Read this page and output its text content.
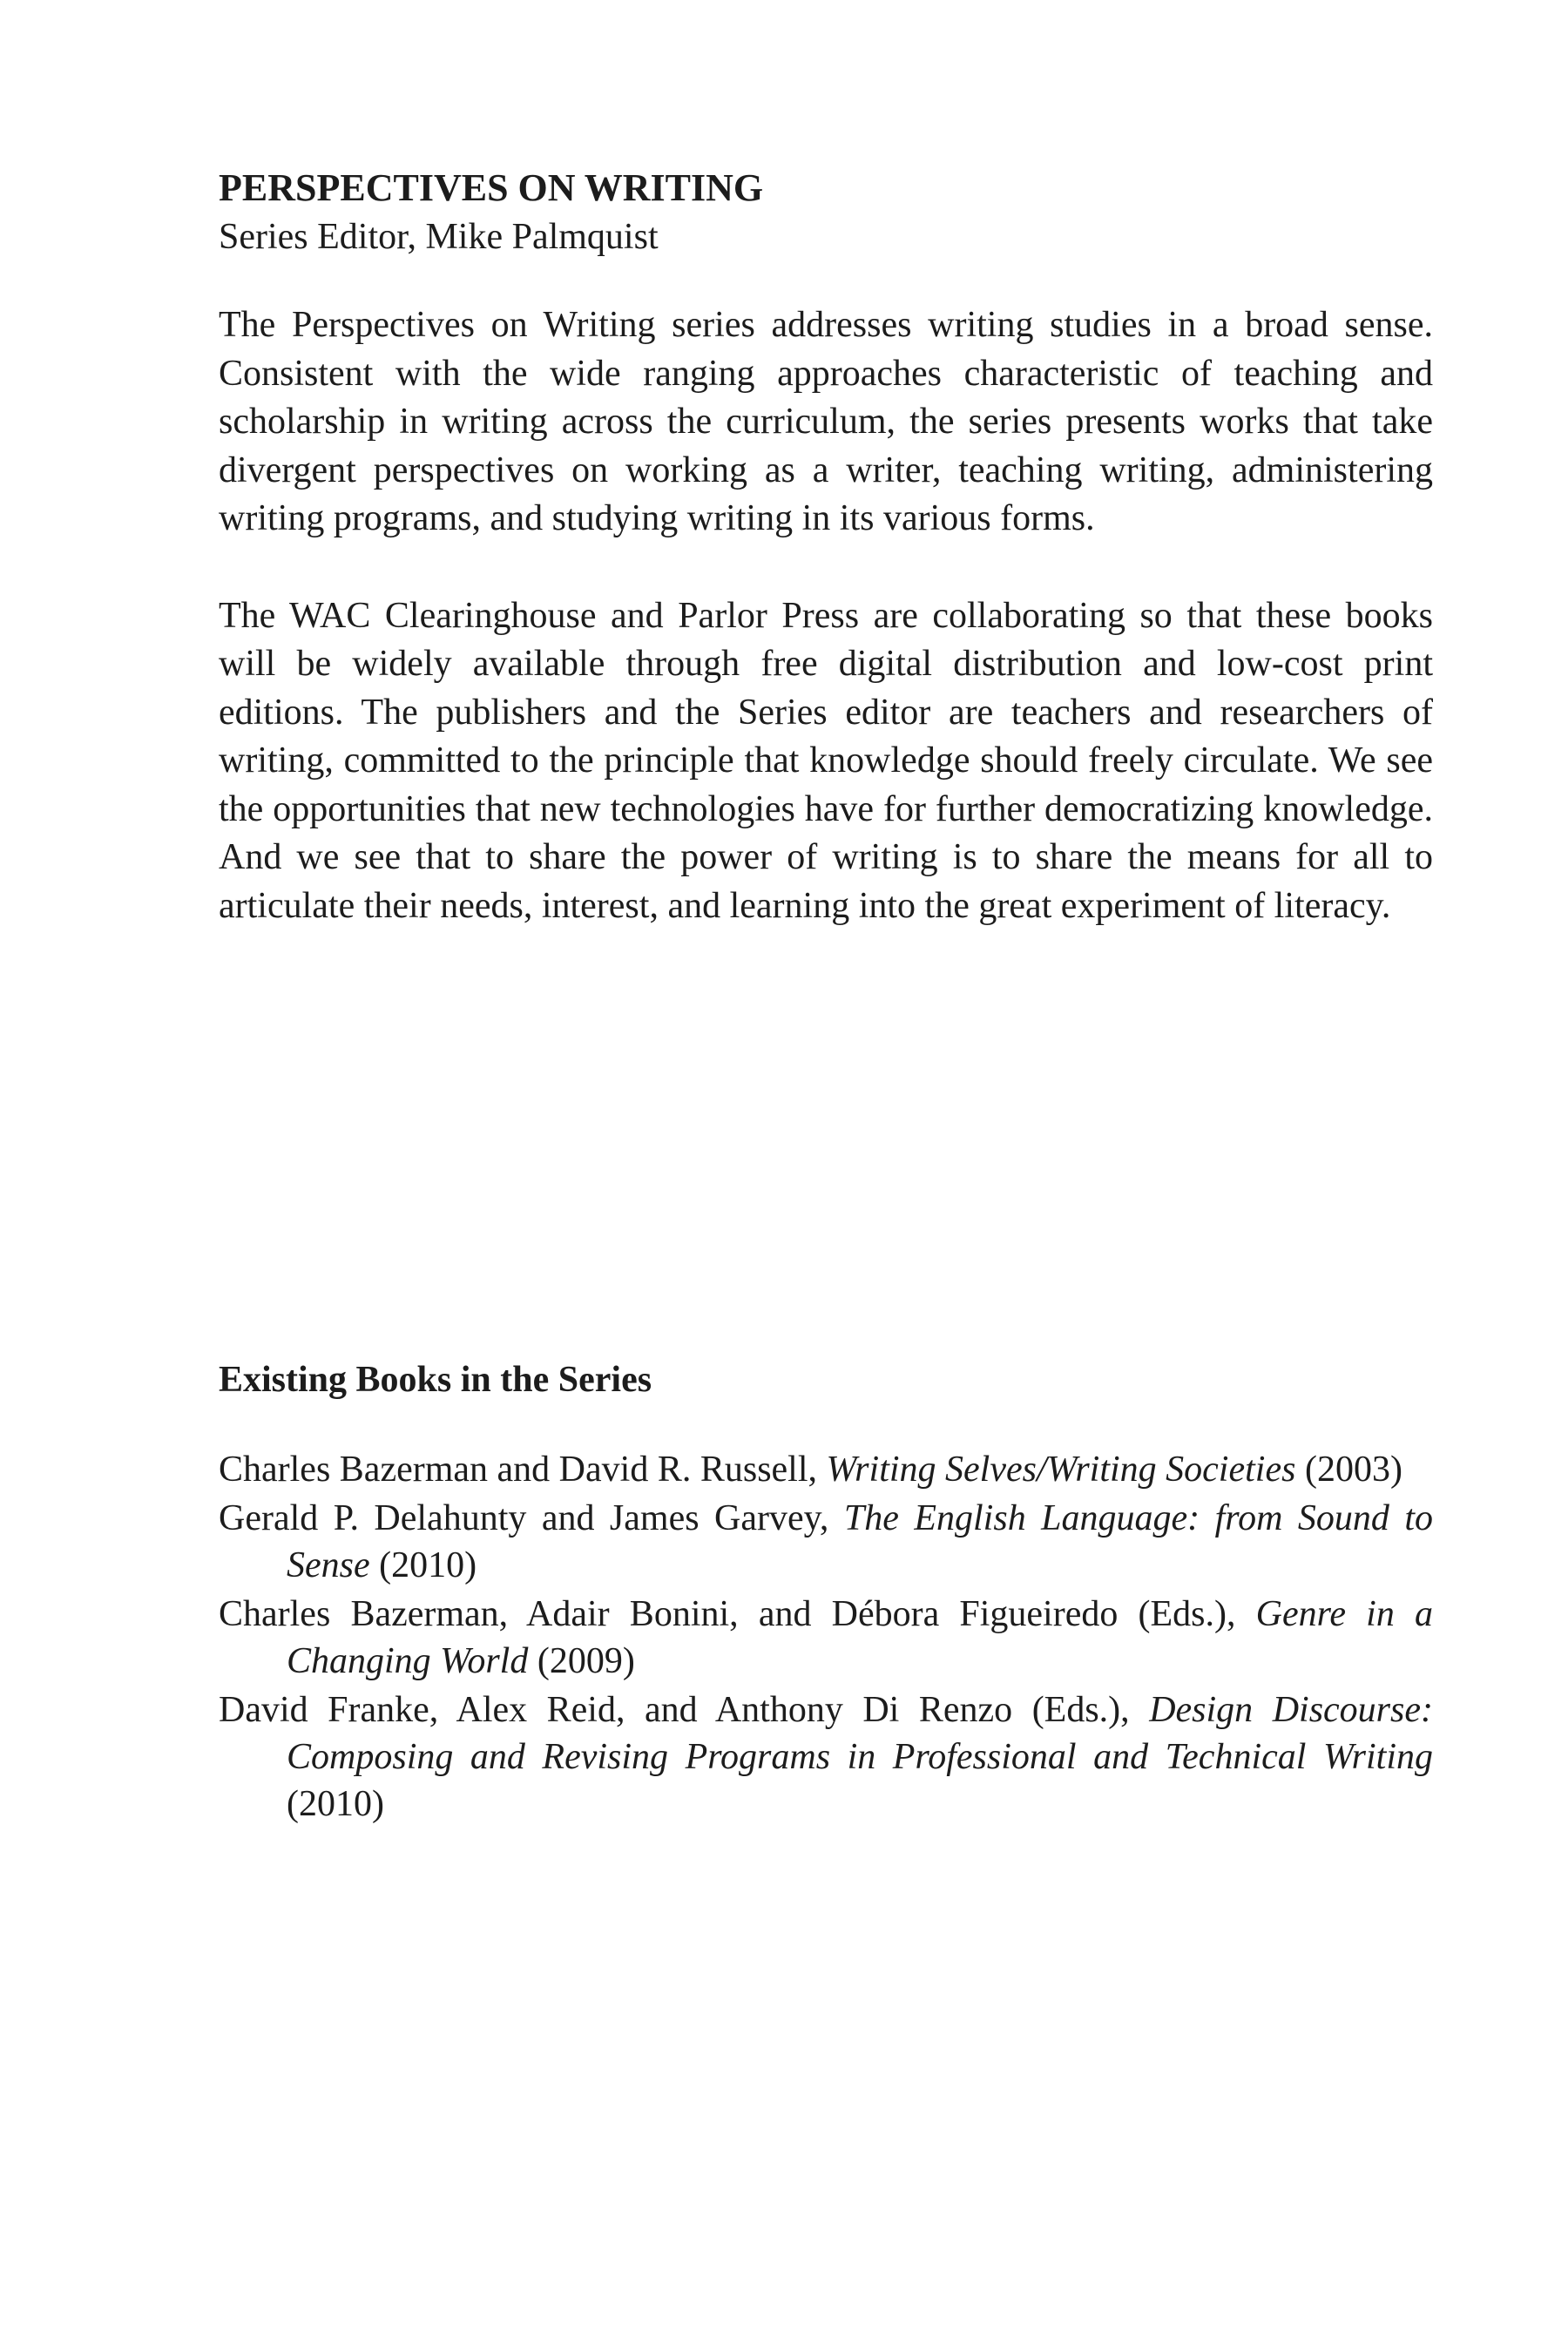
PERSPECTIVES ON WRITING

Series Editor, Mike Palmquist

The Perspectives on Writing series addresses writing studies in a broad sense. Consistent with the wide ranging approaches characteristic of teaching and scholarship in writing across the curriculum, the series presents works that take divergent perspectives on working as a writer, teaching writing, administering writing programs, and studying writing in its various forms.

The WAC Clearinghouse and Parlor Press are collaborating so that these books will be widely available through free digital distribution and low-cost print editions. The publishers and the Series editor are teachers and researchers of writing, committed to the principle that knowledge should freely circulate. We see the opportunities that new technologies have for further democratizing knowledge. And we see that to share the power of writing is to share the means for all to articulate their needs, interest, and learning into the great experiment of literacy.

Existing Books in the Series

Charles Bazerman and David R. Russell, Writing Selves/Writing Societies (2003)
Gerald P. Delahunty and James Garvey, The English Language: from Sound to Sense (2010)
Charles Bazerman, Adair Bonini, and Débora Figueiredo (Eds.), Genre in a Changing World (2009)
David Franke, Alex Reid, and Anthony Di Renzo (Eds.), Design Discourse: Composing and Revising Programs in Professional and Technical Writing (2010)
